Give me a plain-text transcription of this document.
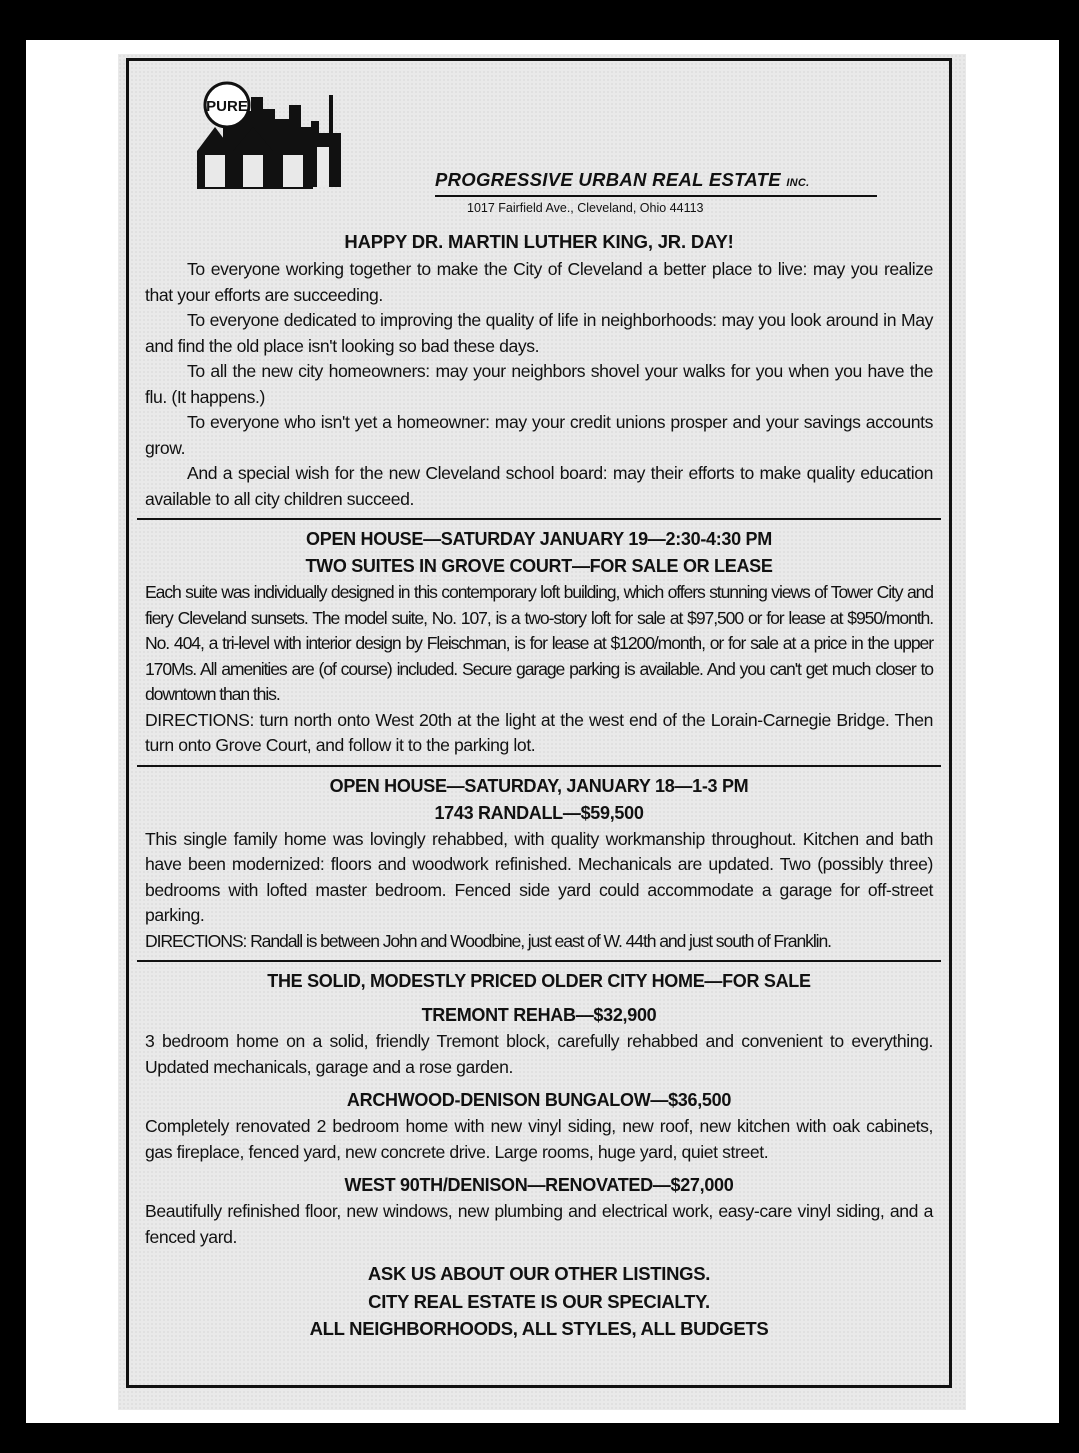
PURE
PROGRESSIVE URBAN REAL ESTATE INC.
1017 Fairfield Ave., Cleveland, Ohio 44113
HAPPY DR. MARTIN LUTHER KING, JR. DAY!

To everyone working together to make the City of Cleveland a better place to live: may you realize that your efforts are succeeding.

To everyone dedicated to improving the quality of life in neighborhoods: may you look around in May and find the old place isn't looking so bad these days.

To all the new city homeowners: may your neighbors shovel your walks for you when you have the flu. (It happens.)

To everyone who isn't yet a homeowner: may your credit unions prosper and your savings accounts grow.

And a special wish for the new Cleveland school board: may their efforts to make quality education available to all city children succeed.

OPEN HOUSE—SATURDAY JANUARY 19—2:30-4:30 PM
TWO SUITES IN GROVE COURT—FOR SALE OR LEASE

Each suite was individually designed in this contemporary loft building, which offers stunning views of Tower City and fiery Cleveland sunsets. The model suite, No. 107, is a two-story loft for sale at $97,500 or for lease at $950/month. No. 404, a tri-level with interior design by Fleischman, is for lease at $1200/month, or for sale at a price in the upper 170Ms. All amenities are (of course) included. Secure garage parking is available. And you can't get much closer to downtown than this.

DIRECTIONS: turn north onto West 20th at the light at the west end of the Lorain-Carnegie Bridge. Then turn onto Grove Court, and follow it to the parking lot.

OPEN HOUSE—SATURDAY, JANUARY 18—1-3 PM
1743 RANDALL—$59,500

This single family home was lovingly rehabbed, with quality workmanship throughout. Kitchen and bath have been modernized: floors and woodwork refinished. Mechanicals are updated. Two (possibly three) bedrooms with lofted master bedroom. Fenced side yard could accommodate a garage for off-street parking.

DIRECTIONS: Randall is between John and Woodbine, just east of W. 44th and just south of Franklin.

THE SOLID, MODESTLY PRICED OLDER CITY HOME—FOR SALE
TREMONT REHAB—$32,900

3 bedroom home on a solid, friendly Tremont block, carefully rehabbed and convenient to everything. Updated mechanicals, garage and a rose garden.

ARCHWOOD-DENISON BUNGALOW—$36,500

Completely renovated 2 bedroom home with new vinyl siding, new roof, new kitchen with oak cabinets, gas fireplace, fenced yard, new concrete drive. Large rooms, huge yard, quiet street.

WEST 90TH/DENISON—RENOVATED—$27,000

Beautifully refinished floor, new windows, new plumbing and electrical work, easy-care vinyl siding, and a fenced yard.

ASK US ABOUT OUR OTHER LISTINGS.
CITY REAL ESTATE IS OUR SPECIALTY.
ALL NEIGHBORHOODS, ALL STYLES, ALL BUDGETS
